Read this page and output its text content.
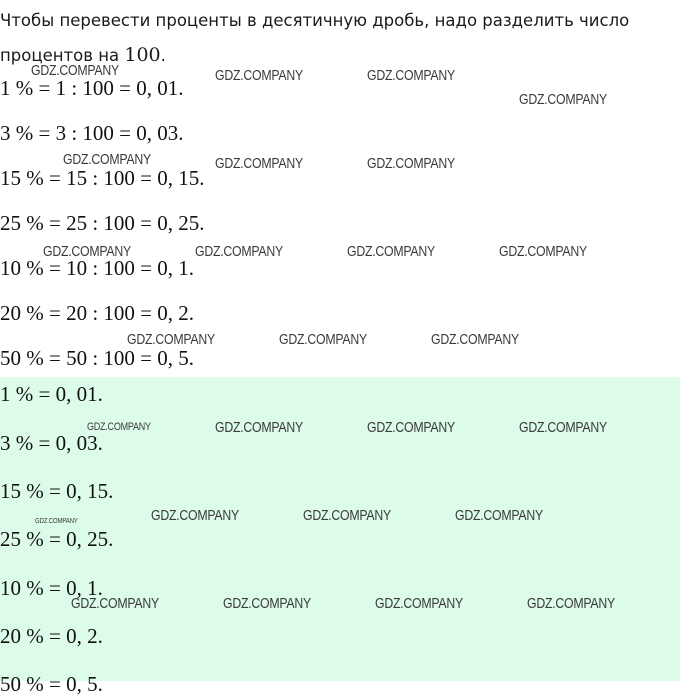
Чтобы перевести проценты в десятичную дробь, надо разделить число процентов на 100.
1 % = 1 : 100 = 0, 01.
3 % = 3 : 100 = 0, 03.
15 % = 15 : 100 = 0, 15.
25 % = 25 : 100 = 0, 25.
10 % = 10 : 100 = 0, 1.
20 % = 20 : 100 = 0, 2.
50 % = 50 : 100 = 0, 5.
1 % = 0, 01.
3 % = 0, 03.
15 % = 0, 15.
25 % = 0, 25.
10 % = 0, 1.
20 % = 0, 2.
50 % = 0, 5.
GDZ.COMPANY	GDZ.COMPANY	GDZ.COMPANY
GDZ.COMPANY
GDZ.COMPANY	GDZ.COMPANY	GDZ.COMPANY
GDZ.COMPANY	GDZ.COMPANY	GDZ.COMPANY	GDZ.COMPANY
GDZ.COMPANY	GDZ.COMPANY	GDZ.COMPANY
GDZ.COMPANY	GDZ.COMPANY	GDZ.COMPANY	GDZ.COMPANY
GDZ.COMPANY	GDZ.COMPANY	GDZ.COMPANY	GDZ.COMPANY
GDZ.COMPANY	GDZ.COMPANY	GDZ.COMPANY	GDZ.COMPANY
